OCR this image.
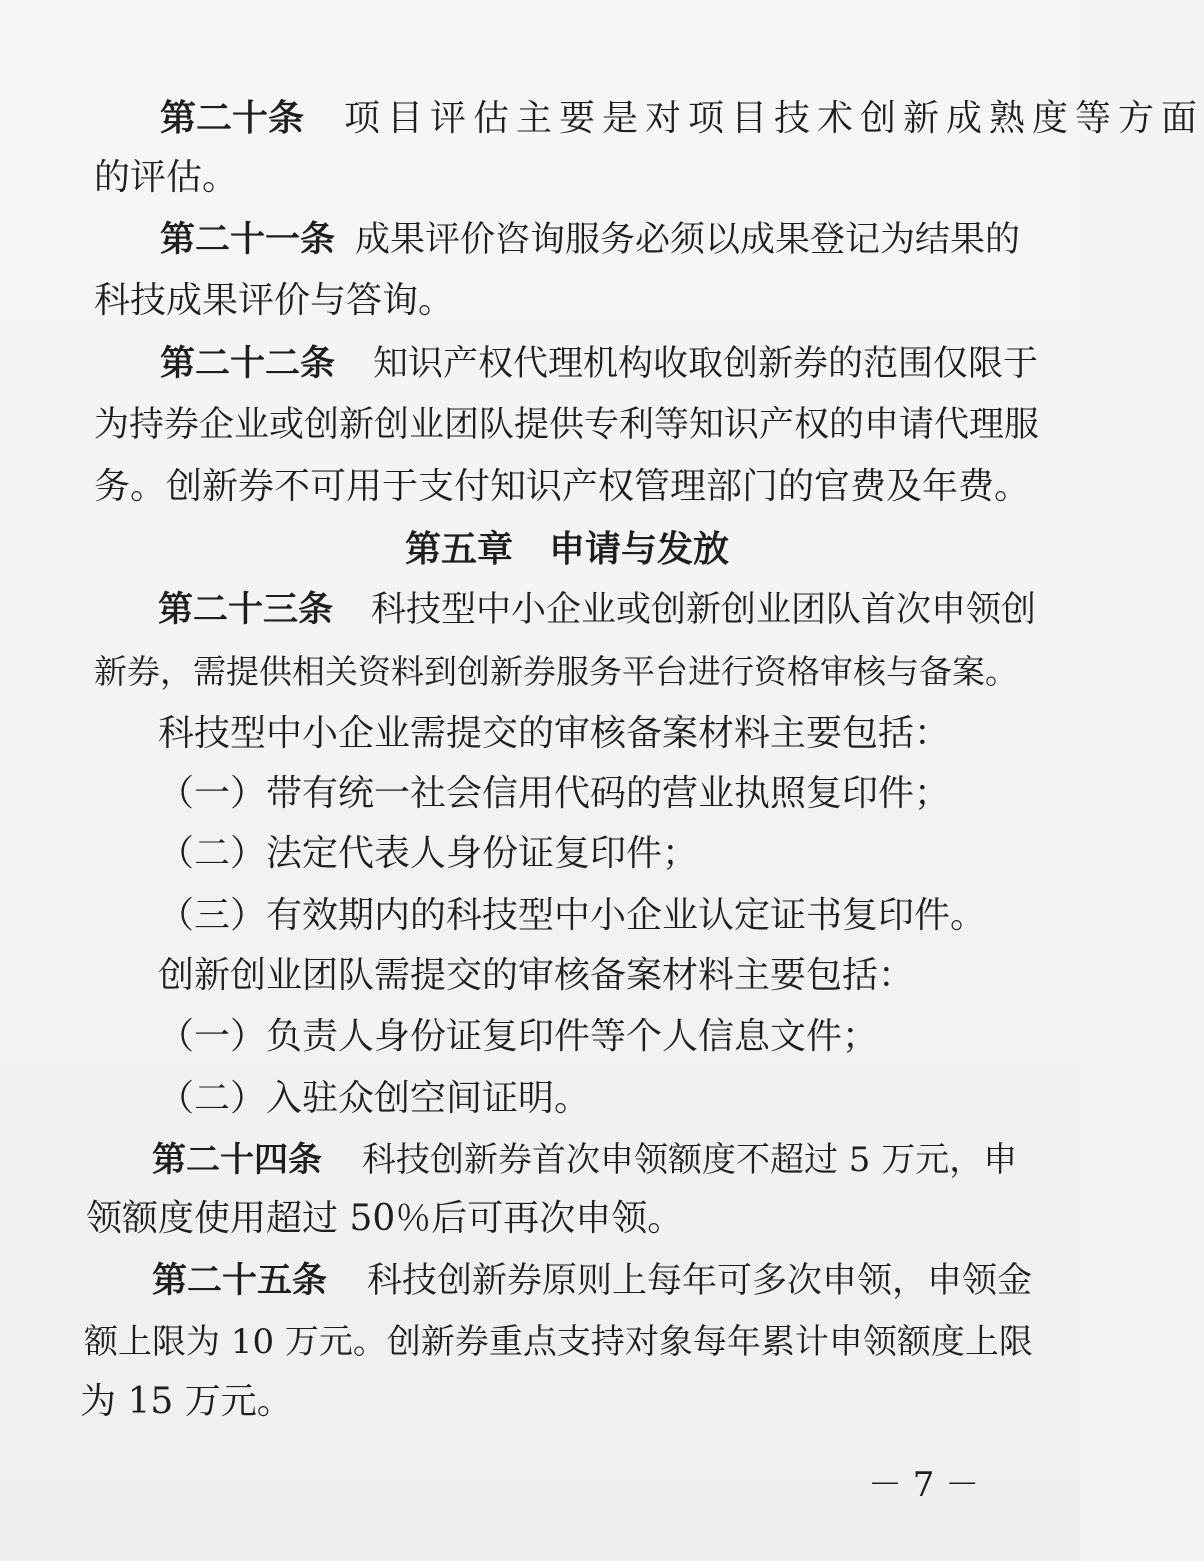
第二十条 项目评估主要是对项目技术创新成熟度等方面
的评估。
第二十一条 成果评价咨询服务必须以成果登记为结果的
科技成果评价与答询。
第二十二条 知识产权代理机构收取创新券的范围仅限于
为持券企业或创新创业团队提供专利等知识产权的申请代理服
务。创新券不可用于支付知识产权管理部门的官费及年费。
第五章　申请与发放
第二十三条 科技型中小企业或创新创业团队首次申领创
新券，需提供相关资料到创新券服务平台进行资格审核与备案。
科技型中小企业需提交的审核备案材料主要包括：
（一）带有统一社会信用代码的营业执照复印件；
（二）法定代表人身份证复印件；
（三）有效期内的科技型中小企业认定证书复印件。
创新创业团队需提交的审核备案材料主要包括：
（一）负责人身份证复印件等个人信息文件；
（二）入驻众创空间证明。
第二十四条 科技创新券首次申领额度不超过 5 万元，申
领额度使用超过 50％后可再次申领。
第二十五条 科技创新券原则上每年可多次申领，申领金
额上限为 10 万元。创新券重点支持对象每年累计申领额度上限
为 15 万元。
－ 7 －
